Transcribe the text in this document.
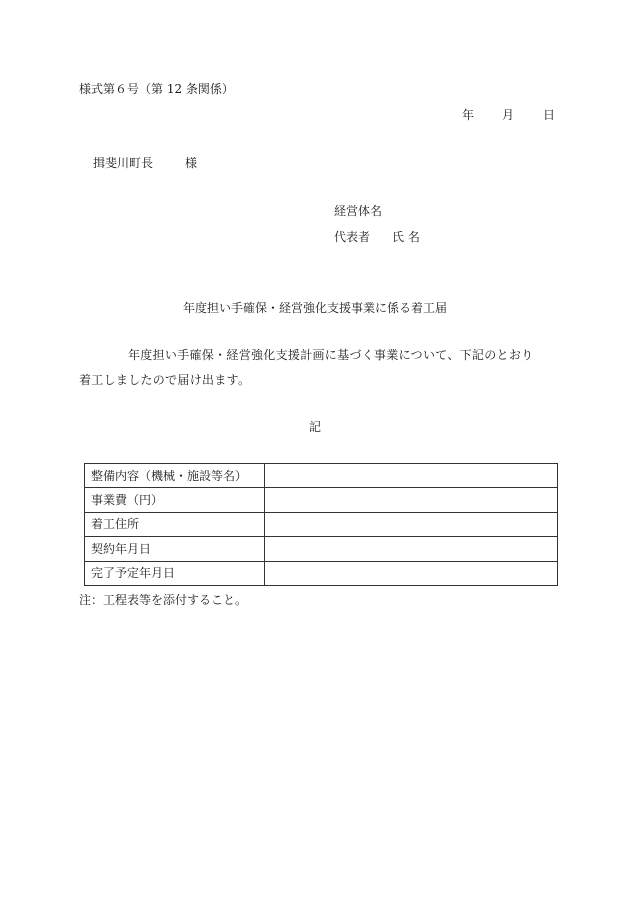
様式第６号（第 12 条関係）
年 月 日
揖斐川町長	様
経営体名
代表者 氏 名
年度担い手確保・経営強化支援事業に係る着工届
年度担い手確保・経営強化支援計画に基づく事業について、下記のとおり
着工しましたので届け出ます。
記
整備内容（機械・施設等名）	
事業費（円）	
着工住所	
契約年月日	
完了予定年月日	
注：工程表等を添付すること。
